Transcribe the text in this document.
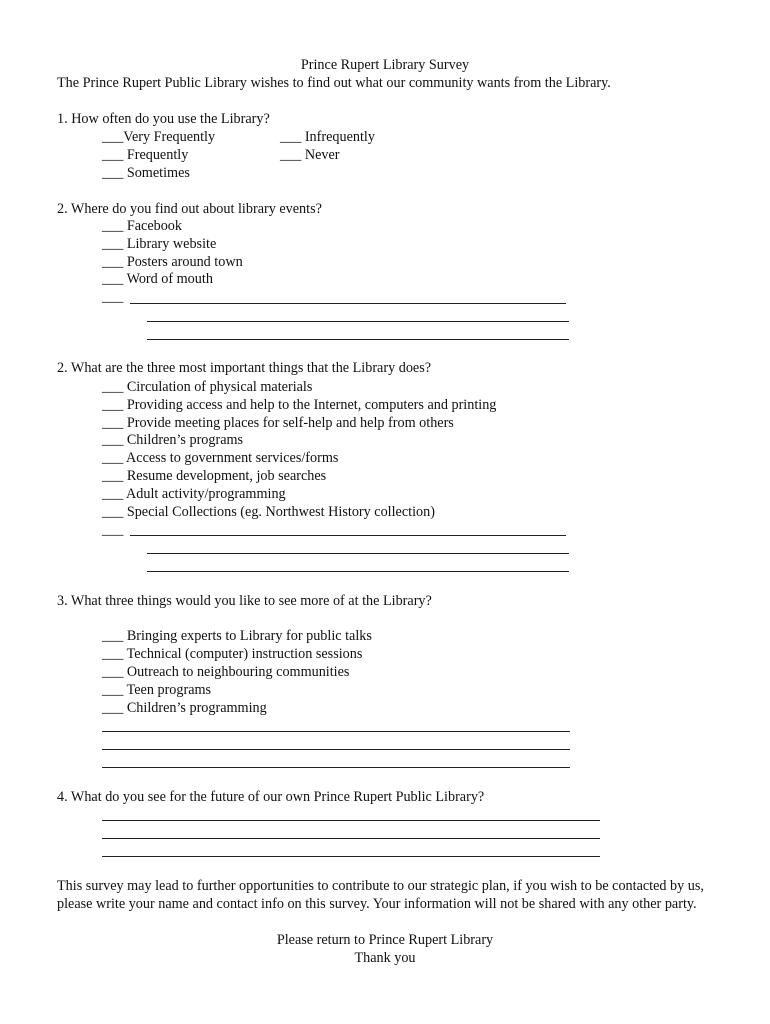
Prince Rupert Library Survey
The Prince Rupert Public Library wishes to find out what our community wants from the Library.
1. How often do you use the Library?
___Very Frequently
___ Frequently
___ Sometimes
___ Infrequently
___ Never
2. Where do you find out about library events?
___ Facebook
___ Library website
___ Posters around town
___ Word of mouth
___
2. What are the three most important things that the Library does?
___ Circulation of physical materials
___ Providing access and help to the Internet, computers and printing
___ Provide meeting places for self-help and help from others
___ Children’s programs
___ Access to government services/forms
___ Resume development, job searches
___ Adult activity/programming
___ Special Collections (eg. Northwest History collection)
___
3. What three things would you like to see more of at the Library?
___ Bringing experts to Library for public talks
___ Technical (computer) instruction sessions
___ Outreach to neighbouring communities
___ Teen programs
___ Children’s programming
4. What do you see for the future of our own Prince Rupert Public Library?
This survey may lead to further opportunities to contribute to our strategic plan, if you wish to be contacted by us, please write your name and contact info on this survey. Your information will not be shared with any other party.
Please return to Prince Rupert Library
Thank you
